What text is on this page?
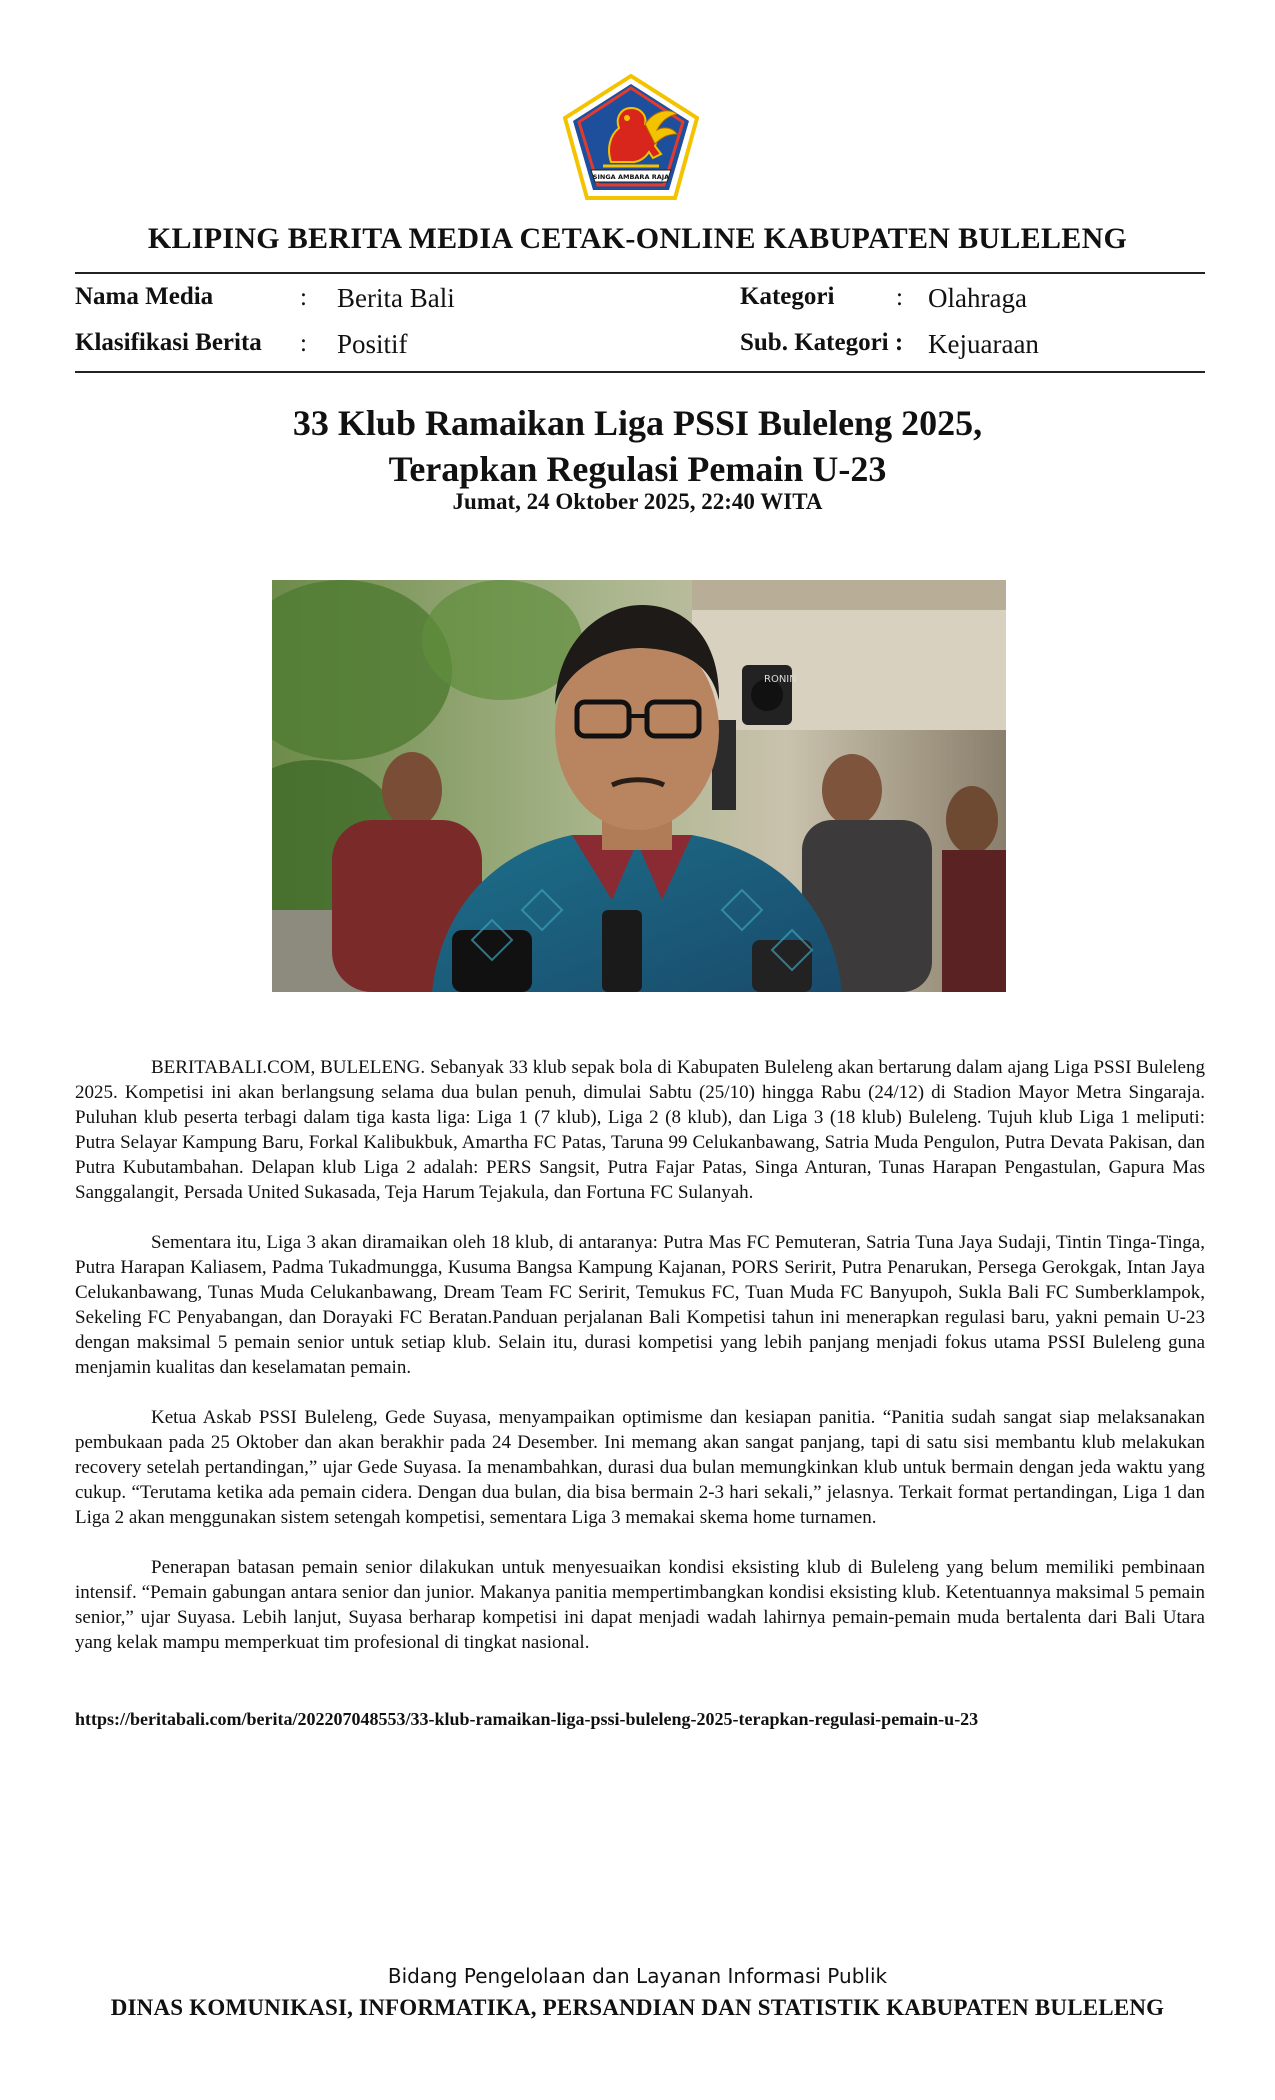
SINGA AMBARA RAJA
KLIPING BERITA MEDIA CETAK-ONLINE KABUPATEN BULELENG
Nama Media	: Berita Bali
Klasifikasi Berita : Positif
Kategori : Olahraga
Sub. Kategori : Kejuaraan
33 Klub Ramaikan Liga PSSI Buleleng 2025,
Terapkan Regulasi Pemain U-23
Jumat, 24 Oktober 2025, 22:40 WITA
RONIN

BERITABALI.COM, BULELENG. Sebanyak 33 klub sepak bola di Kabupaten Buleleng akan bertarung dalam ajang Liga PSSI Buleleng 2025. Kompetisi ini akan berlangsung selama dua bulan penuh, dimulai Sabtu (25/10) hingga Rabu (24/12) di Stadion Mayor Metra Singaraja. Puluhan klub peserta terbagi dalam tiga kasta liga: Liga 1 (7 klub), Liga 2 (8 klub), dan Liga 3 (18 klub) Buleleng. Tujuh klub Liga 1 meliputi: Putra Selayar Kampung Baru, Forkal Kalibukbuk, Amartha FC Patas, Taruna 99 Celukanbawang, Satria Muda Pengulon, Putra Devata Pakisan, dan Putra Kubutambahan. Delapan klub Liga 2 adalah: PERS Sangsit, Putra Fajar Patas, Singa Anturan, Tunas Harapan Pengastulan, Gapura Mas Sanggalangit, Persada United Sukasada, Teja Harum Tejakula, dan Fortuna FC Sulanyah.

Sementara itu, Liga 3 akan diramaikan oleh 18 klub, di antaranya: Putra Mas FC Pemuteran, Satria Tuna Jaya Sudaji, Tintin Tinga-Tinga, Putra Harapan Kaliasem, Padma Tukadmungga, Kusuma Bangsa Kampung Kajanan, PORS Seririt, Putra Penarukan, Persega Gerokgak, Intan Jaya Celukanbawang, Tunas Muda Celukanbawang, Dream Team FC Seririt, Temukus FC, Tuan Muda FC Banyupoh, Sukla Bali FC Sumberklampok, Sekeling FC Penyabangan, dan Dorayaki FC Beratan.Panduan perjalanan Bali Kompetisi tahun ini menerapkan regulasi baru, yakni pemain U-23 dengan maksimal 5 pemain senior untuk setiap klub. Selain itu, durasi kompetisi yang lebih panjang menjadi fokus utama PSSI Buleleng guna menjamin kualitas dan keselamatan pemain.

Ketua Askab PSSI Buleleng, Gede Suyasa, menyampaikan optimisme dan kesiapan panitia. “Panitia sudah sangat siap melaksanakan pembukaan pada 25 Oktober dan akan berakhir pada 24 Desember. Ini memang akan sangat panjang, tapi di satu sisi membantu klub melakukan recovery setelah pertandingan,” ujar Gede Suyasa. Ia menambahkan, durasi dua bulan memungkinkan klub untuk bermain dengan jeda waktu yang cukup. “Terutama ketika ada pemain cidera. Dengan dua bulan, dia bisa bermain 2-3 hari sekali,” jelasnya. Terkait format pertandingan, Liga 1 dan Liga 2 akan menggunakan sistem setengah kompetisi, sementara Liga 3 memakai skema home turnamen.

Penerapan batasan pemain senior dilakukan untuk menyesuaikan kondisi eksisting klub di Buleleng yang belum memiliki pembinaan intensif. “Pemain gabungan antara senior dan junior. Makanya panitia mempertimbangkan kondisi eksisting klub. Ketentuannya maksimal 5 pemain senior,” ujar Suyasa. Lebih lanjut, Suyasa berharap kompetisi ini dapat menjadi wadah lahirnya pemain-pemain muda bertalenta dari Bali Utara yang kelak mampu memperkuat tim profesional di tingkat nasional.

https://beritabali.com/berita/202207048553/33-klub-ramaikan-liga-pssi-buleleng-2025-terapkan-regulasi-pemain-u-23
Bidang Pengelolaan dan Layanan Informasi Publik
DINAS KOMUNIKASI, INFORMATIKA, PERSANDIAN DAN STATISTIK KABUPATEN BULELENG
